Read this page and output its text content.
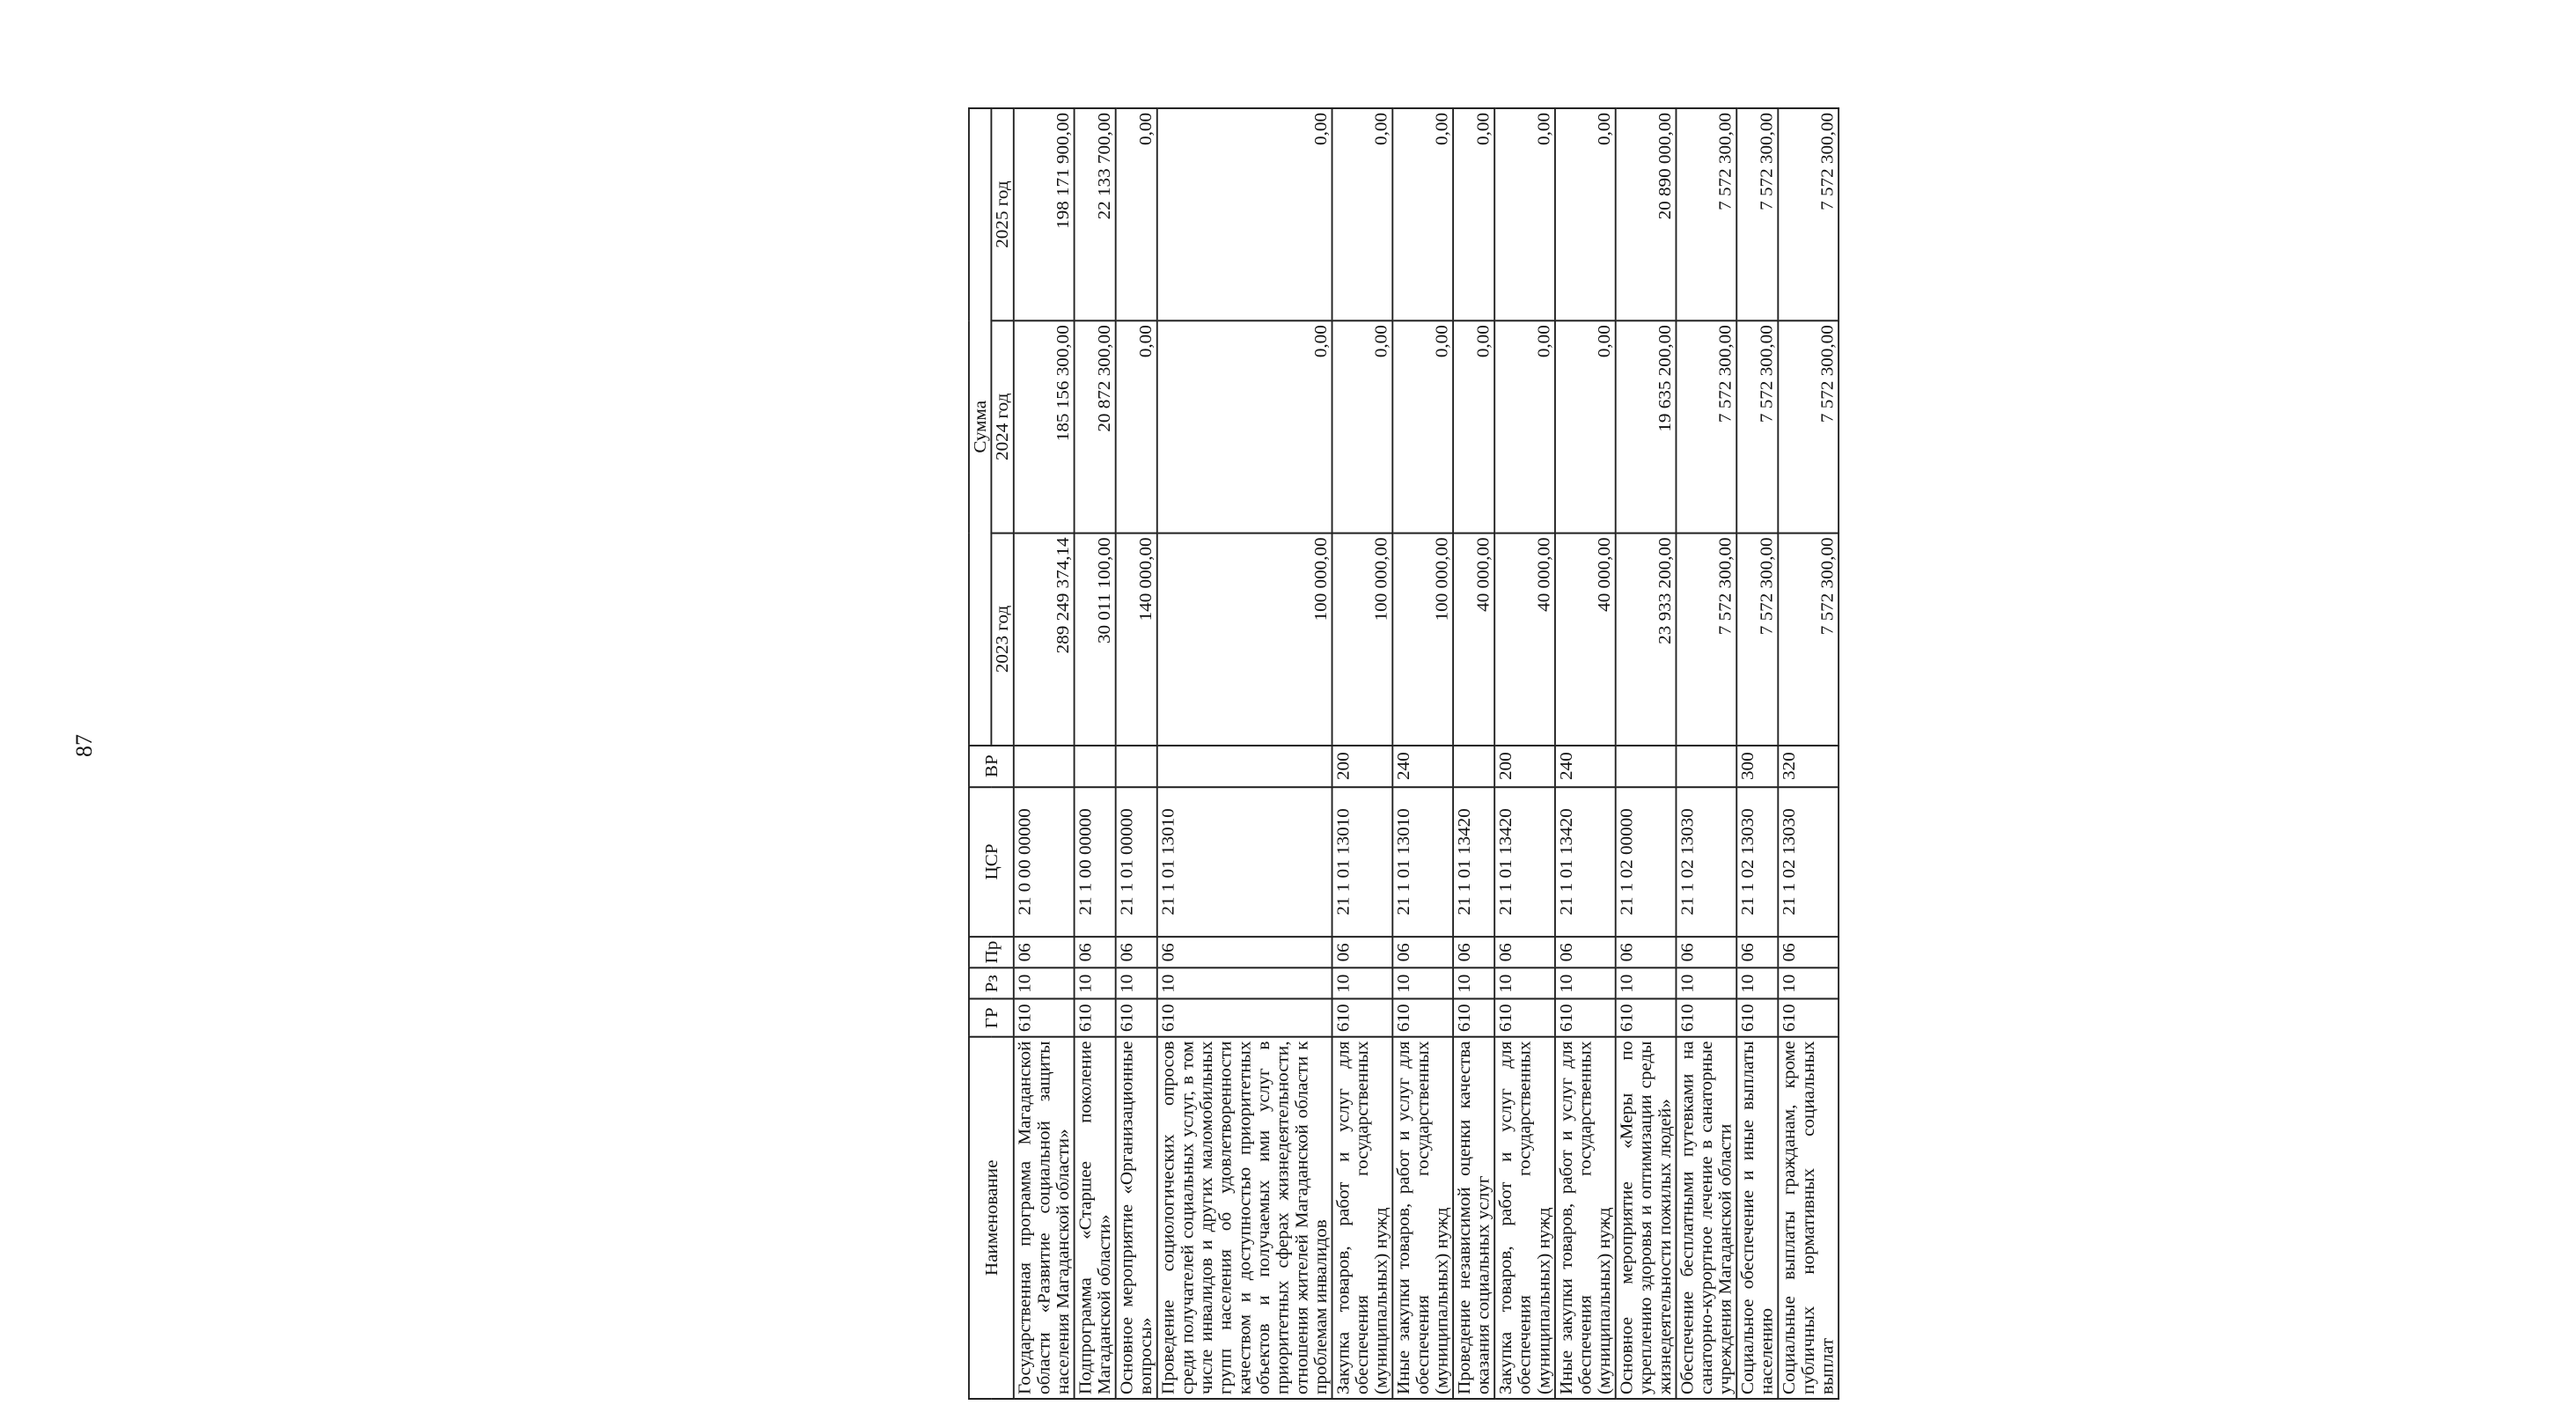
87
Наименование	ГР	Рз	Пр	ЦСР	ВР	Сумма		
						2023 год	2024 год	2025 год
Государственная программа Магаданской области «Развитие социальной защиты населения Магаданской области»	610	10	06	21 0 00 00000		289 249 374,14	185 156 300,00	198 171 900,00
Подпрограмма «Старшее поколение Магаданской области»	610	10	06	21 1 00 00000		30 011 100,00	20 872 300,00	22 133 700,00
Основное мероприятие «Организационные вопросы»	610	10	06	21 1 01 00000		140 000,00	0,00	0,00
Проведение социологических опросов среди получателей социальных услуг, в том числе инвалидов и других маломобильных групп населения об удовлетворенности качеством и доступностью приоритетных объектов и получаемых ими услуг в приоритетных сферах жизнедеятельности, отношения жителей Магаданской области к проблемам инвалидов	610	10	06	21 1 01 13010		100 000,00	0,00	0,00
Закупка товаров, работ и услуг для обеспечения государственных (муниципальных) нужд	610	10	06	21 1 01 13010	200	100 000,00	0,00	0,00
Иные закупки товаров, работ и услуг для обеспечения государственных (муниципальных) нужд	610	10	06	21 1 01 13010	240	100 000,00	0,00	0,00
Проведение независимой оценки качества оказания социальных услуг	610	10	06	21 1 01 13420		40 000,00	0,00	0,00
Закупка товаров, работ и услуг для обеспечения государственных (муниципальных) нужд	610	10	06	21 1 01 13420	200	40 000,00	0,00	0,00
Иные закупки товаров, работ и услуг для обеспечения государственных (муниципальных) нужд	610	10	06	21 1 01 13420	240	40 000,00	0,00	0,00
Основное мероприятие «Меры по укреплению здоровья и оптимизации среды жизнедеятельности пожилых людей»	610	10	06	21 1 02 00000		23 933 200,00	19 635 200,00	20 890 000,00
Обеспечение бесплатными путевками на санаторно-курортное лечение в санаторные учреждения Магаданской области	610	10	06	21 1 02 13030		7 572 300,00	7 572 300,00	7 572 300,00
Социальное обеспечение и иные выплаты населению	610	10	06	21 1 02 13030	300	7 572 300,00	7 572 300,00	7 572 300,00
Социальные выплаты гражданам, кроме публичных нормативных социальных выплат	610	10	06	21 1 02 13030	320	7 572 300,00	7 572 300,00	7 572 300,00
